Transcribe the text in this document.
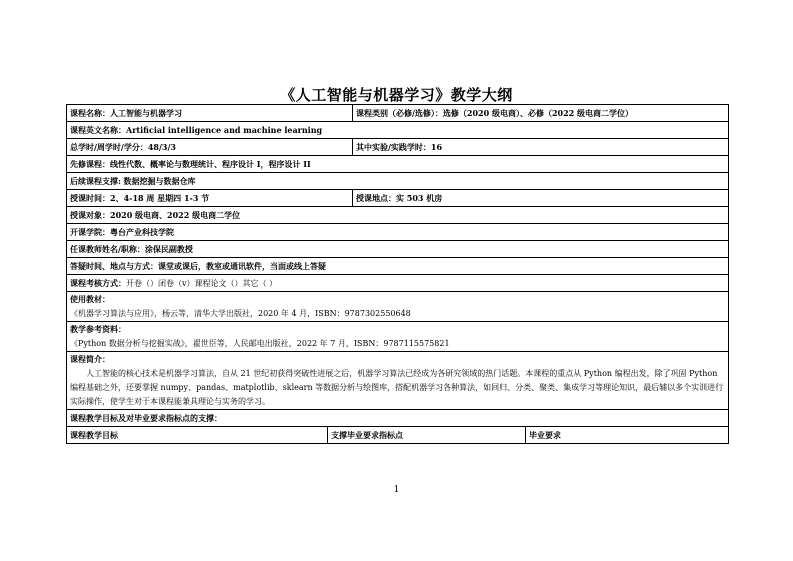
《人工智能与机器学习》教学大纲
课程名称：人工智能与机器学习		课程类别（必修/选修）：选修（2020 级电商）、必修（2022 级电商二学位）	
课程英文名称：Artificial intelligence and machine learning			
总学时/周学时/学分：48/3/3		其中实验/实践学时：16	
先修课程：线性代数、概率论与数理统计、程序设计 I，程序设计 II			
后续课程支撑: 数据挖掘与数据仓库			
授课时间：2、4-18 周 星期四 1-3 节		授课地点：实 503 机房	
授课对象：2020 级电商、2022 级电商二学位			
开课学院：粤台产业科技学院			
任课教师姓名/职称：涂保民副教授			
答疑时间、地点与方式：课堂或课后，教室或通讯软件，当面或线上答疑			
课程考核方式：开卷（）闭卷（v）课程论文（）其它（ ）			

使用教材：
《机器学习算法与应用》，杨云等，清华大学出版社，2020 年 4 月，ISBN：9787302550648			

教学参考资料：
《Python 数据分析与挖掘实战》，翟世臣等，人民邮电出版社，2022 年 7 月，ISBN：9787115575821			

课程简介：
人工智能的核心技术是机器学习算法，自从 21 世纪初获得突破性进展之后，机器学习算法已经成为各研究领域的热门话题。本课程的重点从 Python 编程出发，除了巩固 Python 编程基础之外，还要掌握 numpy、pandas、matplotlib、sklearn 等数据分析与绘图库，搭配机器学习各种算法，如回归、分类、聚类、集成学习等理论知识，最后辅以多个实训进行实际操作，使学生对于本课程能兼具理论与实务的学习。			

课程教学目标及对毕业要求指标点的支撑：			
课程教学目标	支撑毕业要求指标点		毕业要求
1
